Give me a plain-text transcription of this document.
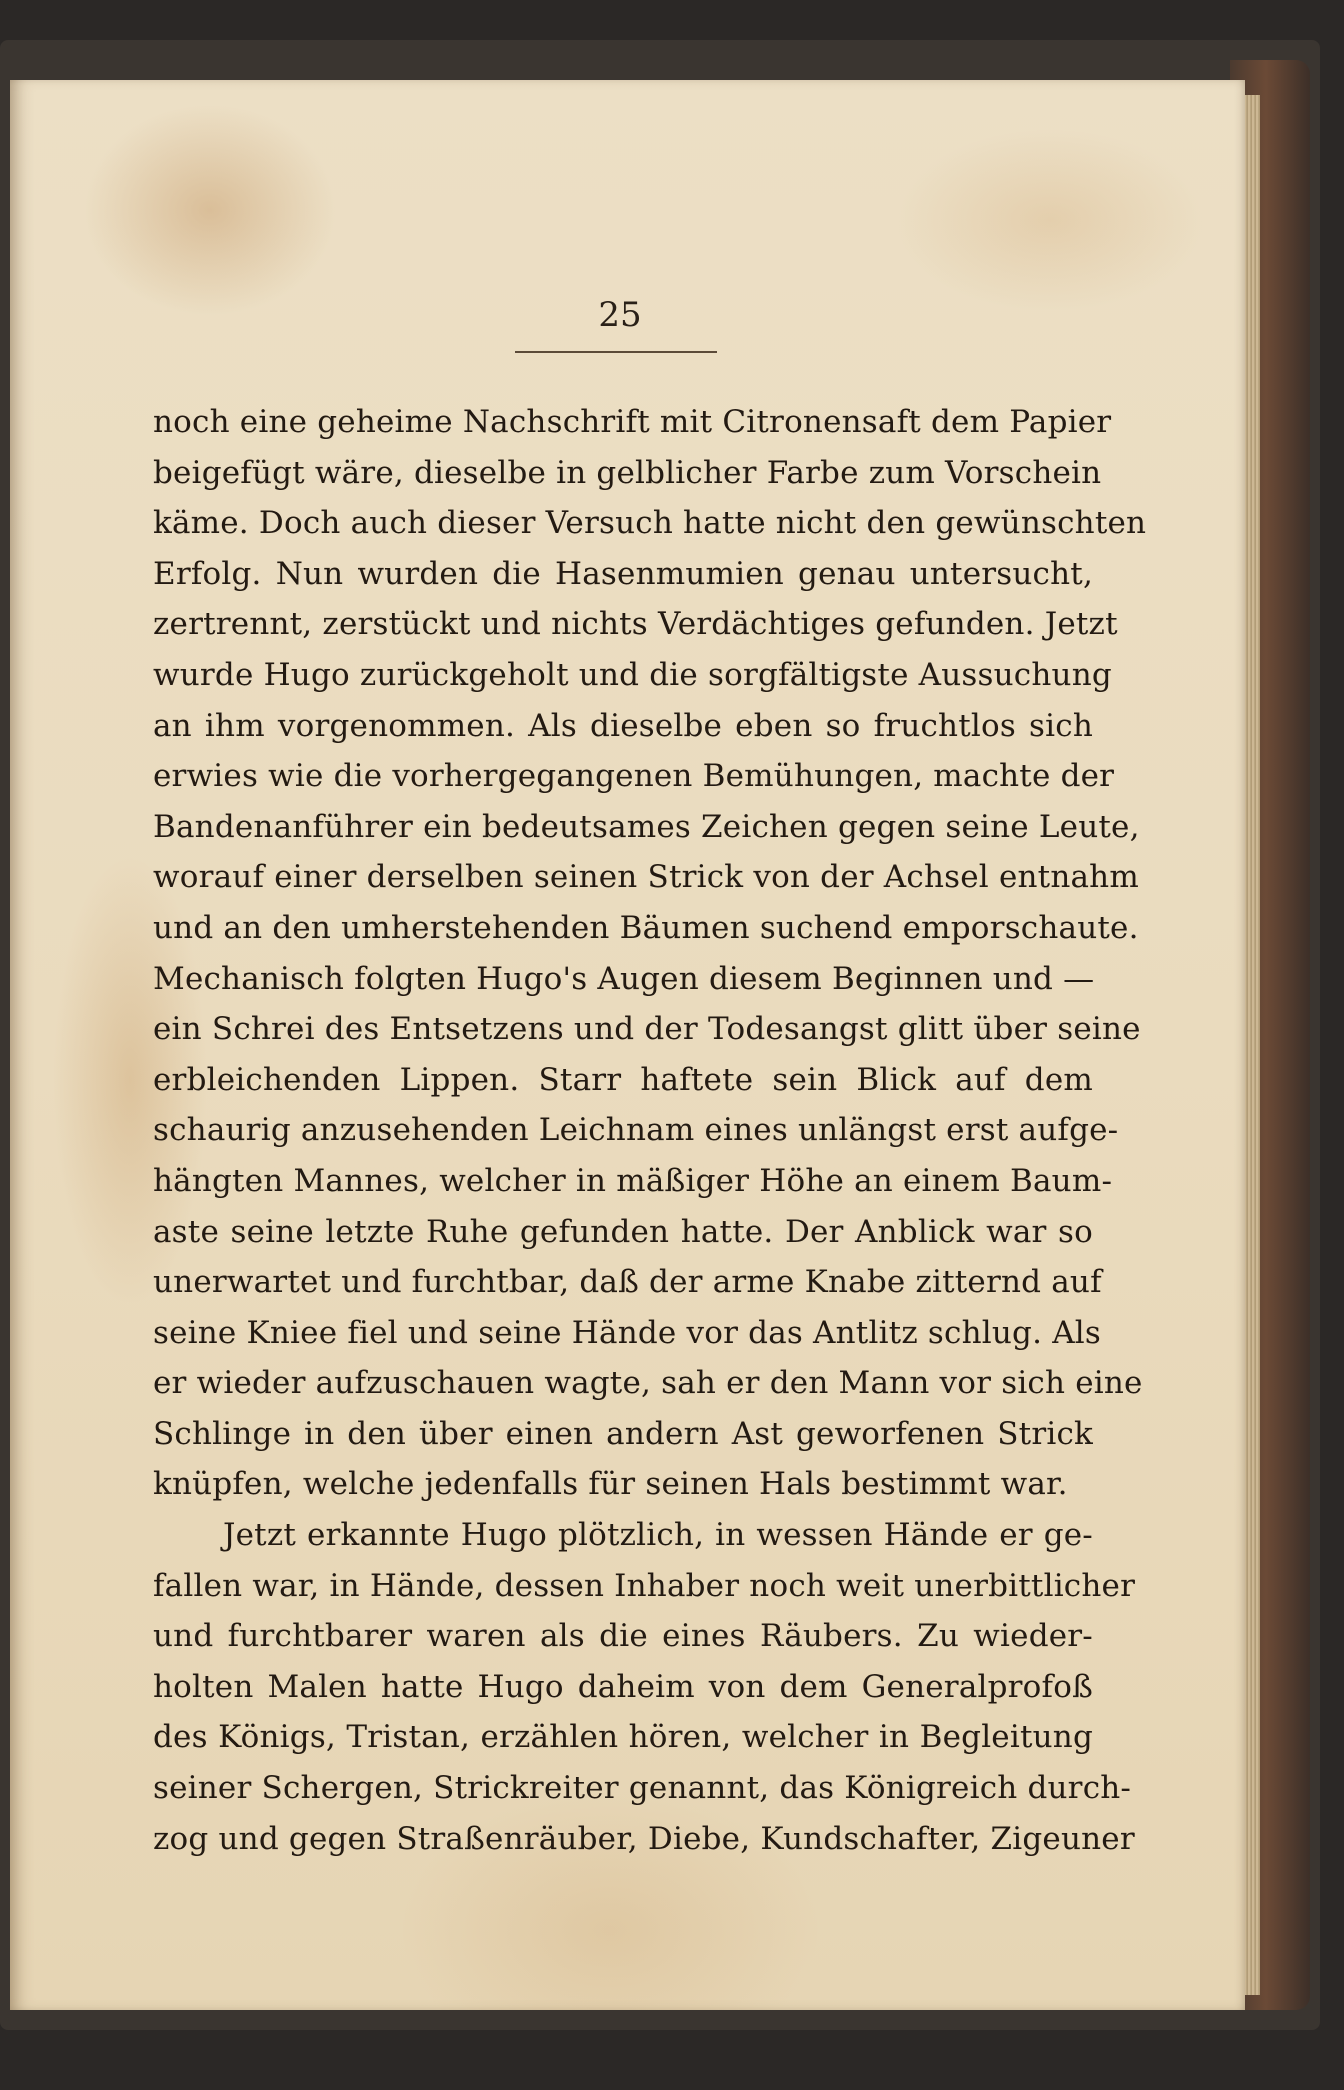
25

noch eine geheime Nachschrift mit Citronensaft dem Papier
beigefügt wäre, dieselbe in gelblicher Farbe zum Vorschein
käme. Doch auch dieser Versuch hatte nicht den gewünschten
Erfolg. Nun wurden die Hasenmumien genau untersucht,
zertrennt, zerstückt und nichts Verdächtiges gefunden. Jetzt
wurde Hugo zurückgeholt und die sorgfältigste Aussuchung
an ihm vorgenommen. Als dieselbe eben so fruchtlos sich
erwies wie die vorhergegangenen Bemühungen, machte der
Bandenanführer ein bedeutsames Zeichen gegen seine Leute,
worauf einer derselben seinen Strick von der Achsel entnahm
und an den umherstehenden Bäumen suchend emporschaute.
Mechanisch folgten Hugo's Augen diesem Beginnen und —
ein Schrei des Entsetzens und der Todesangst glitt über seine
erbleichenden Lippen. Starr haftete sein Blick auf dem
schaurig anzusehenden Leichnam eines unlängst erst aufge-
hängten Mannes, welcher in mäßiger Höhe an einem Baum-
aste seine letzte Ruhe gefunden hatte. Der Anblick war so
unerwartet und furchtbar, daß der arme Knabe zitternd auf
seine Kniee fiel und seine Hände vor das Antlitz schlug. Als
er wieder aufzuschauen wagte, sah er den Mann vor sich eine
Schlinge in den über einen andern Ast geworfenen Strick
knüpfen, welche jedenfalls für seinen Hals bestimmt war.

Jetzt erkannte Hugo plötzlich, in wessen Hände er ge-
fallen war, in Hände, dessen Inhaber noch weit unerbittlicher
und furchtbarer waren als die eines Räubers. Zu wieder-
holten Malen hatte Hugo daheim von dem Generalprofoß
des Königs, Tristan, erzählen hören, welcher in Begleitung
seiner Schergen, Strickreiter genannt, das Königreich durch-
zog und gegen Straßenräuber, Diebe, Kundschafter, Zigeuner
